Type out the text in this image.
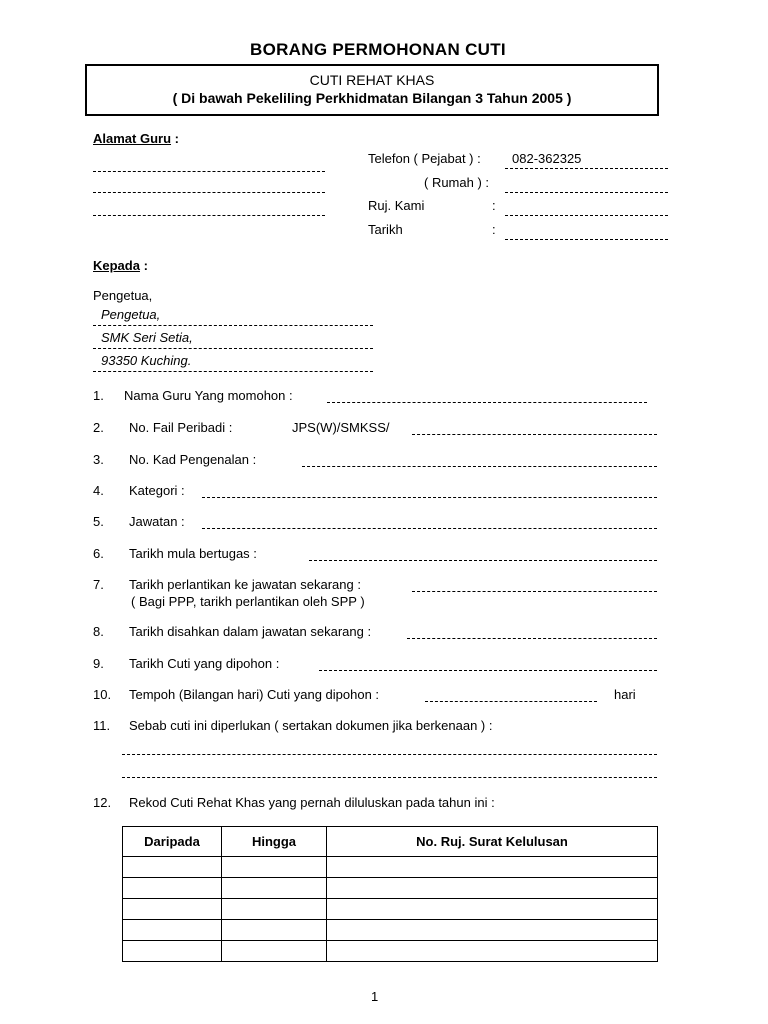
BORANG PERMOHONAN CUTI
CUTI REHAT KHAS
( Di bawah Pekeliling Perkhidmatan Bilangan 3 Tahun 2005 )
Alamat Guru :
Telefon ( Pejabat ) : 082-362325
( Rumah ) :
Ruj. Kami	:
Tarikh	:
Kepada :
Pengetua,
Pengetua,
SMK Seri Setia,
93350 Kuching.
1. Nama Guru Yang momohon :
2. No. Fail Peribadi :	JPS(W)/SMKSS/
3. No. Kad Pengenalan :
4. Kategori :
5. Jawatan :
6. Tarikh mula bertugas :
7. Tarikh perlantikan ke jawatan sekarang :
( Bagi PPP, tarikh perlantikan oleh SPP )
8. Tarikh disahkan dalam jawatan sekarang :
9. Tarikh Cuti yang dipohon :
10. Tempoh (Bilangan hari) Cuti yang dipohon :	hari
11. Sebab cuti ini diperlukan ( sertakan dokumen jika berkenaan ) :
12. Rekod Cuti Rehat Khas yang pernah diluluskan pada tahun ini :
Daripada	Hingga	No. Ruj. Surat Kelulusan

1
